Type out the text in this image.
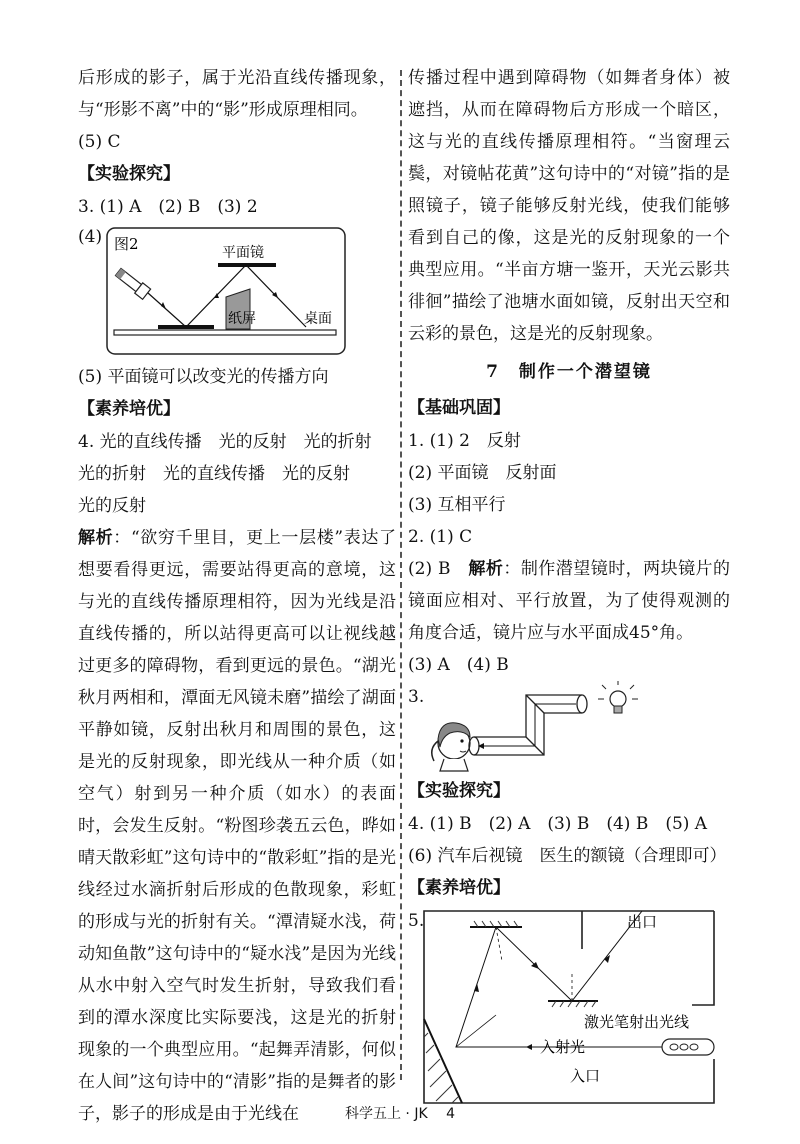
后形成的影子，属于光沿直线传播现象，与“形影不离”中的“影”形成原理相同。

(5) C

【实验探究】

3. (1) A　(2) B　(3) 2

(4) 图2	平面镜
纸屏	桌面

(5) 平面镜可以改变光的传播方向

【素养培优】

4. 光的直线传播　光的反射　光的折射

光的折射　光的直线传播　光的反射

光的反射

解析：“欲穷千里目，更上一层楼”表达了想要看得更远，需要站得更高的意境，这与光的直线传播原理相符，因为光线是沿直线传播的，所以站得更高可以让视线越过更多的障碍物，看到更远的景色。“湖光秋月两相和，潭面无风镜未磨”描绘了湖面平静如镜，反射出秋月和周围的景色，这是光的反射现象，即光线从一种介质（如空气）射到另一种介质（如水）的表面时，会发生反射。“粉图珍袭五云色，晔如晴天散彩虹”这句诗中的“散彩虹”指的是光线经过水滴折射后形成的色散现象，彩虹的形成与光的折射有关。“潭清疑水浅，荷动知鱼散”这句诗中的“疑水浅”是因为光线从水中射入空气时发生折射，导致我们看到的潭水深度比实际要浅，这是光的折射现象的一个典型应用。“起舞弄清影，何似在人间”这句诗中的“清影”指的是舞者的影子，影子的形成是由于光线在

传播过程中遇到障碍物（如舞者身体）被遮挡，从而在障碍物后方形成一个暗区，这与光的直线传播原理相符。“当窗理云鬓，对镜帖花黄”这句诗中的“对镜”指的是照镜子，镜子能够反射光线，使我们能够看到自己的像，这是光的反射现象的一个典型应用。“半亩方塘一鉴开，天光云影共徘徊”描绘了池塘水面如镜，反射出天空和云彩的景色，这是光的反射现象。

7　制作一个潜望镜

【基础巩固】

1. (1) 2　反射

(2) 平面镜　反射面

(3) 互相平行

2. (1) C

(2) B　解析：制作潜望镜时，两块镜片的镜面应相对、平行放置，为了使得观测的角度合适，镜片应与水平面成45°角。

(3) A　(4) B

3.

【实验探究】

4. (1) B　(2) A　(3) B　(4) B　(5) A

(6) 汽车后视镜　医生的额镜（合理即可）

【素养培优】

5.	出口
激光笔射出光线
入射光
入口
科学五上 · JK　 4
